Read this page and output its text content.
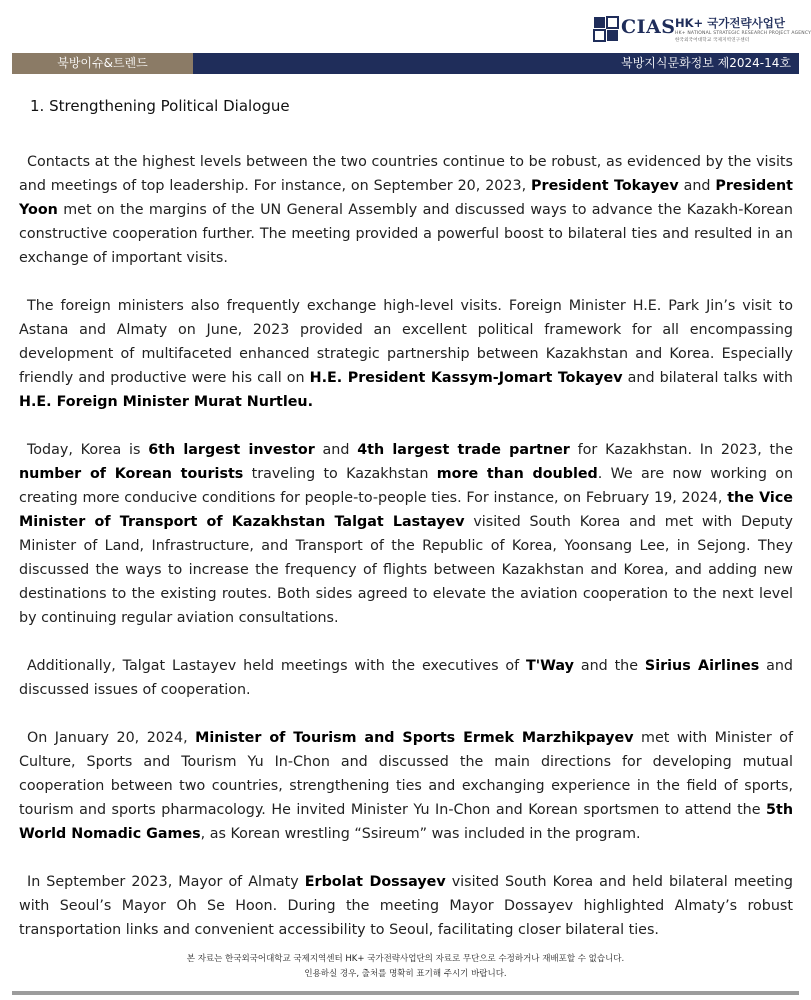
CIAS HK+ 국가전략사업단
HK+ NATIONAL STRATEGIC RESEARCH PROJECT AGENCY
한국외국어대학교 국제지역연구센터
북방이슈&트렌드	북방지식문화정보 제2024-14호
1. Strengthening Political Dialogue

Contacts at the highest levels between the two countries continue to be robust, as evidenced by the visits and meetings of top leadership. For instance, on September 20, 2023, President Tokayev and President Yoon met on the margins of the UN General Assembly and discussed ways to advance the Kazakh-Korean constructive cooperation further. The meeting provided a powerful boost to bilateral ties and resulted in an exchange of important visits.

The foreign ministers also frequently exchange high-level visits. Foreign Minister H.E. Park Jin’s visit to Astana and Almaty on June, 2023 provided an excellent political framework for all encompassing development of multifaceted enhanced strategic partnership between Kazakhstan and Korea. Especially friendly and productive were his call on H.E. President Kassym-Jomart Tokayev and bilateral talks with H.E. Foreign Minister Murat Nurtleu.

Today, Korea is 6th largest investor and 4th largest trade partner for Kazakhstan. In 2023, the number of Korean tourists traveling to Kazakhstan more than doubled. We are now working on creating more conducive conditions for people-to-people ties. For instance, on February 19, 2024, the Vice Minister of Transport of Kazakhstan Talgat Lastayev visited South Korea and met with Deputy Minister of Land, Infrastructure, and Transport of the Republic of Korea, Yoonsang Lee, in Sejong. They discussed the ways to increase the frequency of flights between Kazakhstan and Korea, and adding new destinations to the existing routes. Both sides agreed to elevate the aviation cooperation to the next level by continuing regular aviation consultations.

Additionally, Talgat Lastayev held meetings with the executives of T'Way and the Sirius Airlines and discussed issues of cooperation.

On January 20, 2024, Minister of Tourism and Sports Ermek Marzhikpayev met with Minister of Culture, Sports and Tourism Yu In-Chon and discussed the main directions for developing mutual cooperation between two countries, strengthening ties and exchanging experience in the field of sports, tourism and sports pharmacology. He invited Minister Yu In-Chon and Korean sportsmen to attend the 5th World Nomadic Games, as Korean wrestling “Ssireum” was included in the program.

In September 2023, Mayor of Almaty Erbolat Dossayev visited South Korea and held bilateral meeting with Seoul’s Mayor Oh Se Hoon. During the meeting Mayor Dossayev highlighted Almaty’s robust transportation links and convenient accessibility to Seoul, facilitating closer bilateral ties.

본 자료는 한국외국어대학교 국제지역센터 HK+ 국가전략사업단의 자료로 무단으로 수정하거나 재배포할 수 없습니다.
인용하실 경우, 출처를 명확히 표기해 주시기 바랍니다.
